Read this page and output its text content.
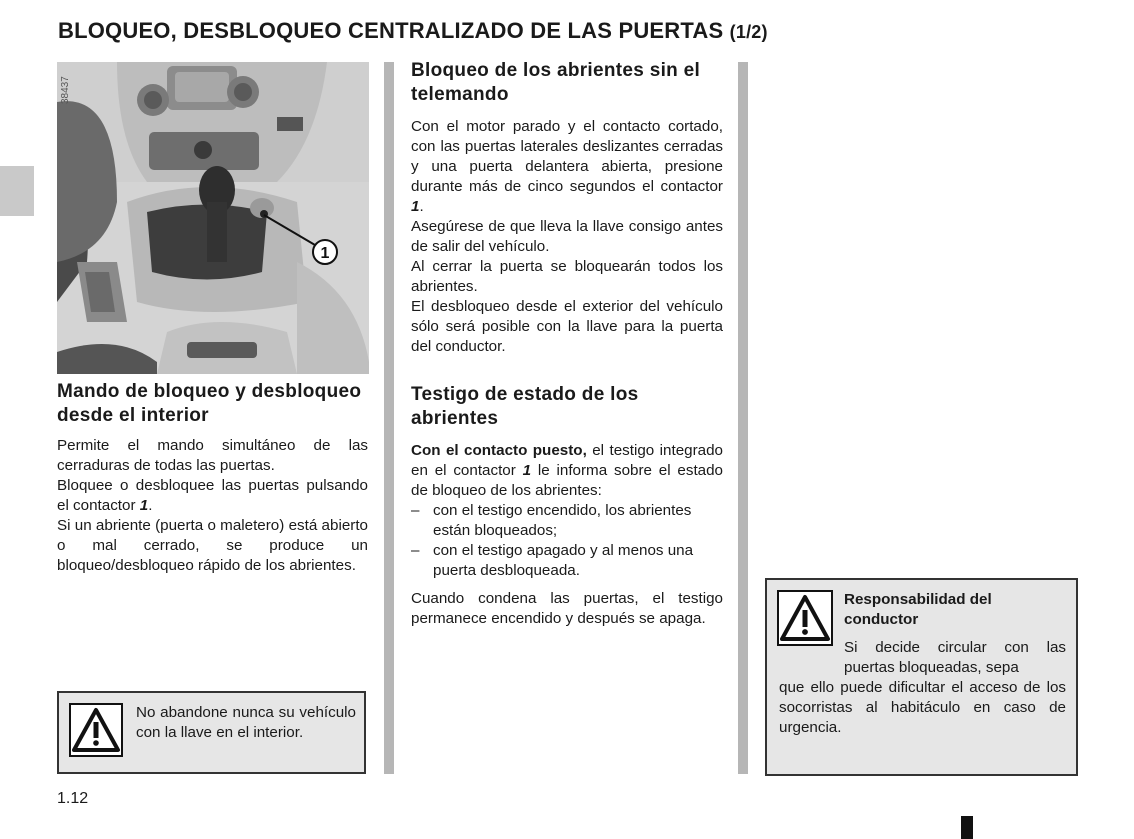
BLOQUEO, DESBLOQUEO CENTRALIZADO DE LAS PUERTAS (1/2)
1
38437
Mando de bloqueo y desbloqueo desde el interior

Permite el mando simultáneo de las cerraduras de todas las puertas.

Bloquee o desbloquee las puertas pulsando el contactor 1.

Si un abriente (puerta o maletero) está abierto o mal cerrado, se produce un bloqueo/desbloqueo rápido de los abrientes.

Bloqueo de los abrientes sin el telemando

Con el motor parado y el contacto cortado, con las puertas laterales deslizantes cerradas y una puerta delantera abierta, presione durante más de cinco segundos el contactor 1.

Asegúrese de que lleva la llave consigo antes de salir del vehículo.

Al cerrar la puerta se bloquearán todos los abrientes.

El desbloqueo desde el exterior del vehículo sólo será posible con la llave para la puerta del conductor.

Testigo de estado de los abrientes

Con el contacto puesto, el testigo integrado en el contactor 1 le informa sobre el estado de bloqueo de los abrientes:

– con el testigo encendido, los abrientes están bloqueados;
– con el testigo apagado y al menos una puerta desbloqueada.

Cuando condena las puertas, el testigo permanece encendido y después se apaga.

No abandone nunca su vehículo con la llave en el interior.
Responsabilidad del conductor
Si decide circular con las puertas bloqueadas, sepa
que ello puede dificultar el acceso de los socorristas al habitáculo en caso de urgencia.
1.12
